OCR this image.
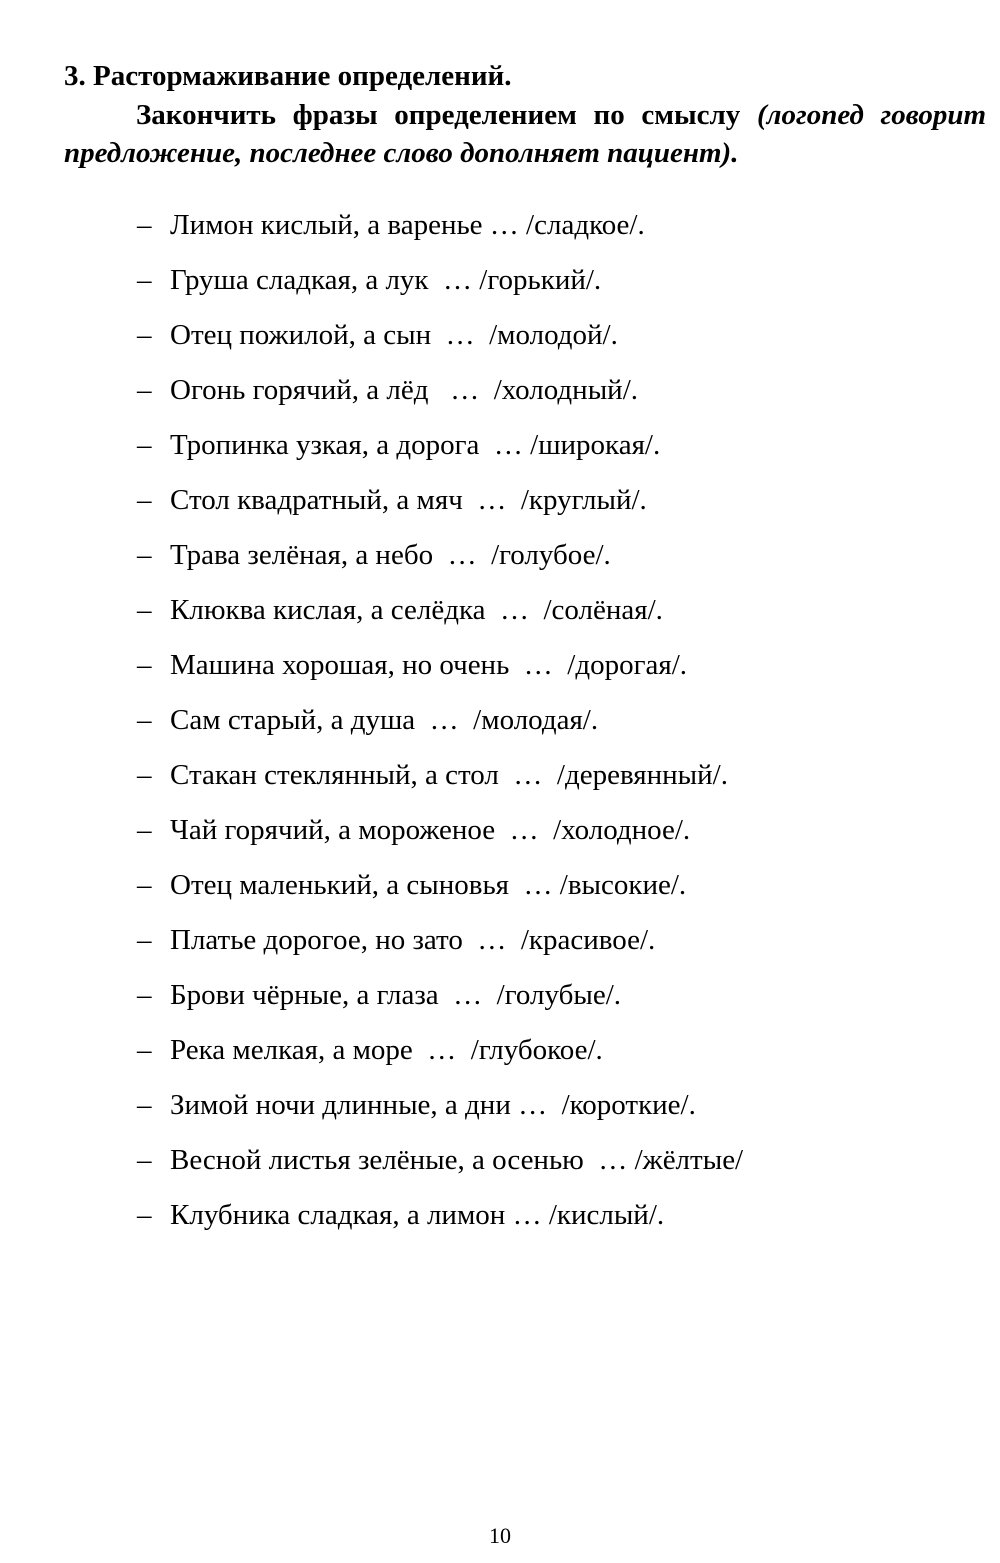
3. Растормаживание определений.
Закончить фразы определением по смыслу (логопед говорит предложение, последнее слово дополняет пациент).
– Лимон кислый, а варенье … /сладкое/.
– Груша сладкая, а лук  … /горький/.
– Отец пожилой, а сын  …  /молодой/.
– Огонь горячий, а лёд   …  /холодный/.
– Тропинка узкая, а дорога  … /широкая/.
– Стол квадратный, а мяч  …  /круглый/.
– Трава зелёная, а небо  …  /голубое/.
– Клюква кислая, а селёдка  …  /солёная/.
– Машина хорошая, но очень  …  /дорогая/.
– Сам старый, а душа  …  /молодая/.
– Стакан стеклянный, а стол  …  /деревянный/.
– Чай горячий, а мороженое  …  /холодное/.
– Отец маленький, а сыновья  … /высокие/.
– Платье дорогое, но зато  …  /красивое/.
– Брови чёрные, а глаза  …  /голубые/.
– Река мелкая, а море  …  /глубокое/.
– Зимой ночи длинные, а дни …  /короткие/.
– Весной листья зелёные, а осенью  … /жёлтые/
– Клубника сладкая, а лимон … /кислый/.
10
